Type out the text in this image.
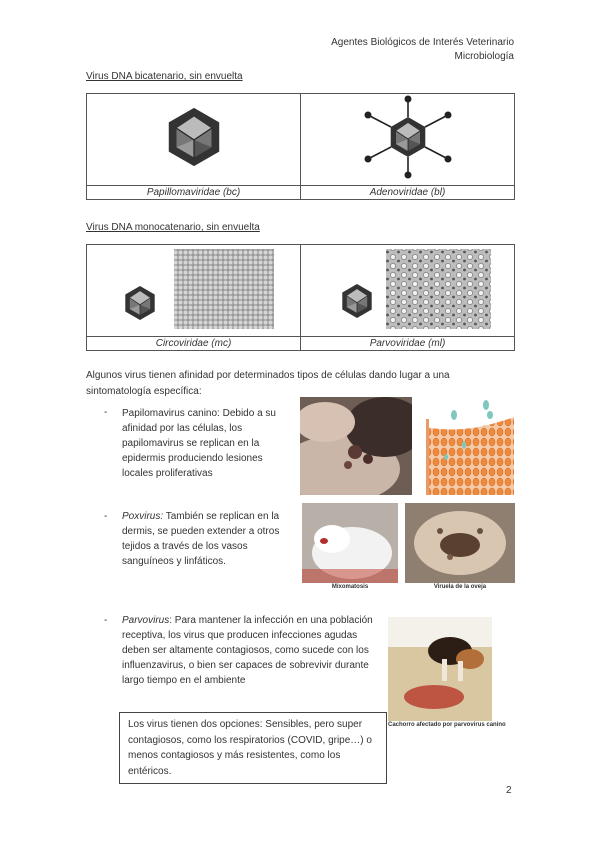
Agentes Biológicos de Interés Veterinario
Microbiología
Virus DNA bicatenario, sin envuelta

Papillomaviridae (bc)	Adenoviridae (bl)
Virus DNA monocatenario, sin envuelta

Circoviridae (mc)	Parvoviridae (ml)
Algunos virus tienen afinidad por determinados tipos de células dando lugar a una sintomatología específica:
- Papilomavirus canino: Debido a su afinidad por las células, los papilomavirus se replican en la epidermis produciendo lesiones locales proliferativas
- Poxvirus: También se replican en la dermis, se pueden extender a otros tejidos a través de los vasos sanguíneos y linfáticos.
Mixomatosis	Viruela de la oveja
- Parvovirus: Para mantener la infección en una población receptiva, los virus que producen infecciones agudas deben ser altamente contagiosos, como sucede con los influenzavirus, o bien ser capaces de sobrevivir durante largo tiempo en el ambiente
Cachorro afectado por parvovirus canino
Los virus tienen dos opciones: Sensibles, pero super contagiosos, como los respiratorios (COVID, gripe…) o menos contagiosos y más resistentes, como los entéricos.
2
